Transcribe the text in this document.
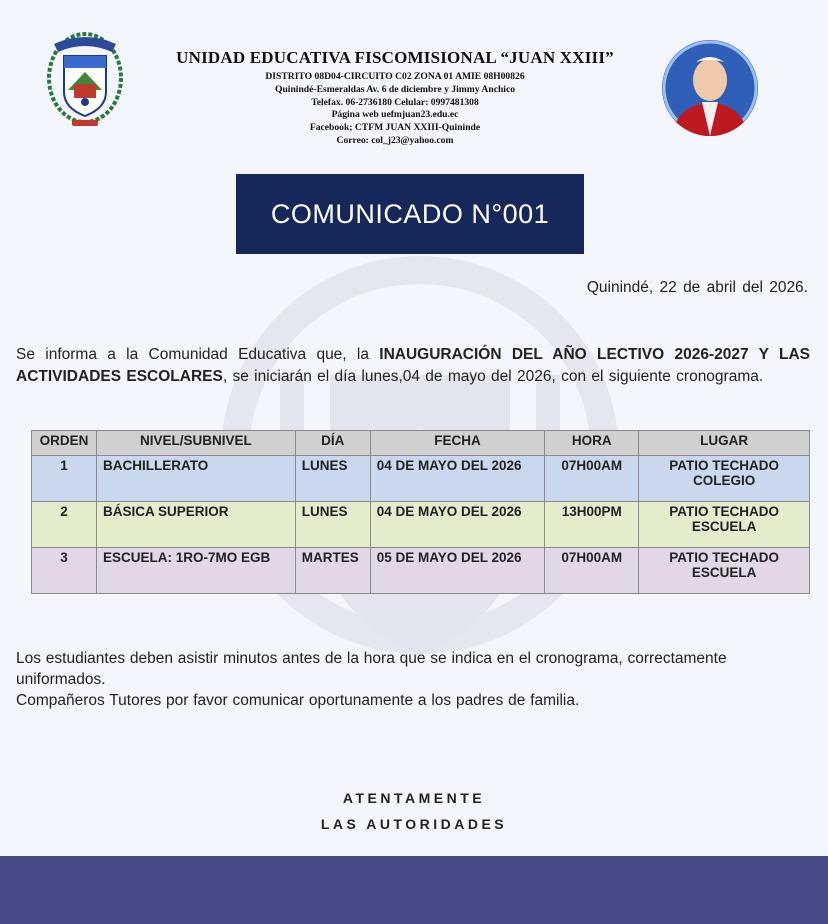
UNIDAD EDUCATIVA FISCOMISIONAL “JUAN XXIII”
DISTRITO 08D04-CIRCUITO C02 ZONA 01 AMIE 08H00826
Quinindé-Esmeraldas Av. 6 de diciembre y Jimmy Anchico
Telefax. 06-2736180 Celular: 0997481308
Página web uefmjuan23.edu.ec
Facebook; CTFM JUAN XXIII-Quininde
Correo: col_j23@yahoo.com
COMUNICADO N°001
Quinindé, 22 de abril del 2026.

Se informa a la Comunidad Educativa que, la INAUGURACIÓN DEL AÑO LECTIVO 2026-2027 Y LAS ACTIVIDADES ESCOLARES, se iniciarán el día lunes,04 de mayo del 2026, con el siguiente cronograma.

ORDEN	NIVEL/SUBNIVEL	DÍA	FECHA	HORA	LUGAR
1	BACHILLERATO	LUNES	04 DE MAYO DEL 2026	07H00AM	PATIO TECHADO
COLEGIO

2	BÁSICA SUPERIOR	LUNES	04 DE MAYO DEL 2026	13H00PM	PATIO TECHADO
ESCUELA

3	ESCUELA: 1RO-7MO EGB	MARTES	05 DE MAYO DEL 2026	07H00AM	PATIO TECHADO
ESCUELA

Los estudiantes deben asistir minutos antes de la hora que se indica en el cronograma, correctamente uniformados.

Compañeros Tutores por favor comunicar oportunamente a los padres de familia.

ATENTAMENTE
LAS AUTORIDADES
